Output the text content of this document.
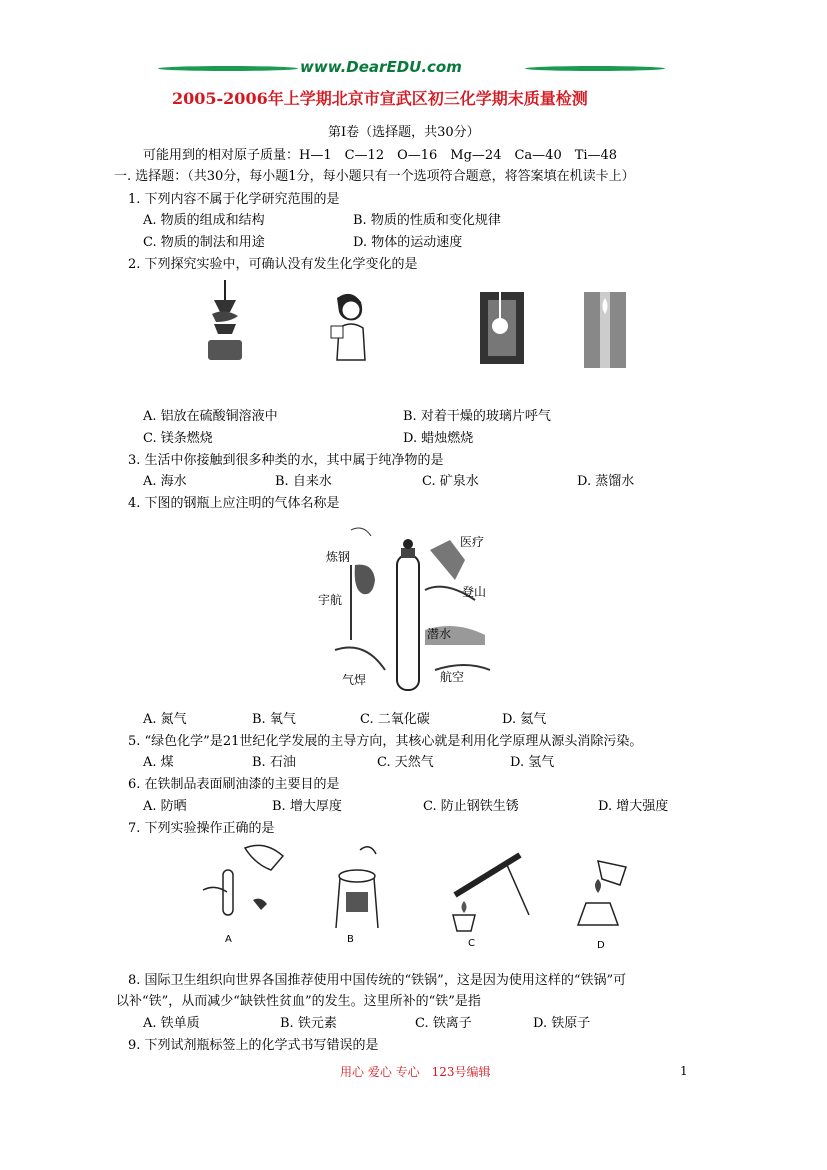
www.DearEDU.com
2005-2006年上学期北京市宣武区初三化学期末质量检测
第Ⅰ卷（选择题，共30分）
可能用到的相对原子质量：H—1　C—12　O—16　Mg—24　Ca—40　Ti—48
一. 选择题：（共30分，每小题1分，每小题只有一个选项符合题意，将答案填在机读卡上）
1. 下列内容不属于化学研究范围的是
A. 物质的组成和结构	B. 物质的性质和变化规律
C. 物质的制法和用途	D. 物体的运动速度
2. 下列探究实验中，可确认没有发生化学变化的是
A. 铝放在硫酸铜溶液中	B. 对着干燥的玻璃片呼气
C. 镁条燃烧	D. 蜡烛燃烧
3. 生活中你接触到很多种类的水，其中属于纯净物的是
A. 海水	B. 自来水	C. 矿泉水	D. 蒸馏水
4. 下图的钢瓶上应注明的气体名称是
炼钢
医疗
宇航
登山
潜水
气焊	航空
A. 氮气	B. 氧气	C. 二氧化碳	D. 氦气
5. “绿色化学”是21世纪化学发展的主导方向，其核心就是利用化学原理从源头消除污染。
A. 煤	B. 石油	C. 天然气	D. 氢气
6. 在铁制品表面刷油漆的主要目的是
A. 防晒	B. 增大厚度	C. 防止钢铁生锈	D. 增大强度
7. 下列实验操作正确的是
A	B	C	D
8. 国际卫生组织向世界各国推荐使用中国传统的“铁锅”，这是因为使用这样的“铁锅”可
以补“铁”，从而减少“缺铁性贫血”的发生。这里所补的“铁”是指
A. 铁单质	B. 铁元素	C. 铁离子	D. 铁原子
9. 下列试剂瓶标签上的化学式书写错误的是
用心 爱心 专心　123号编辑	1
